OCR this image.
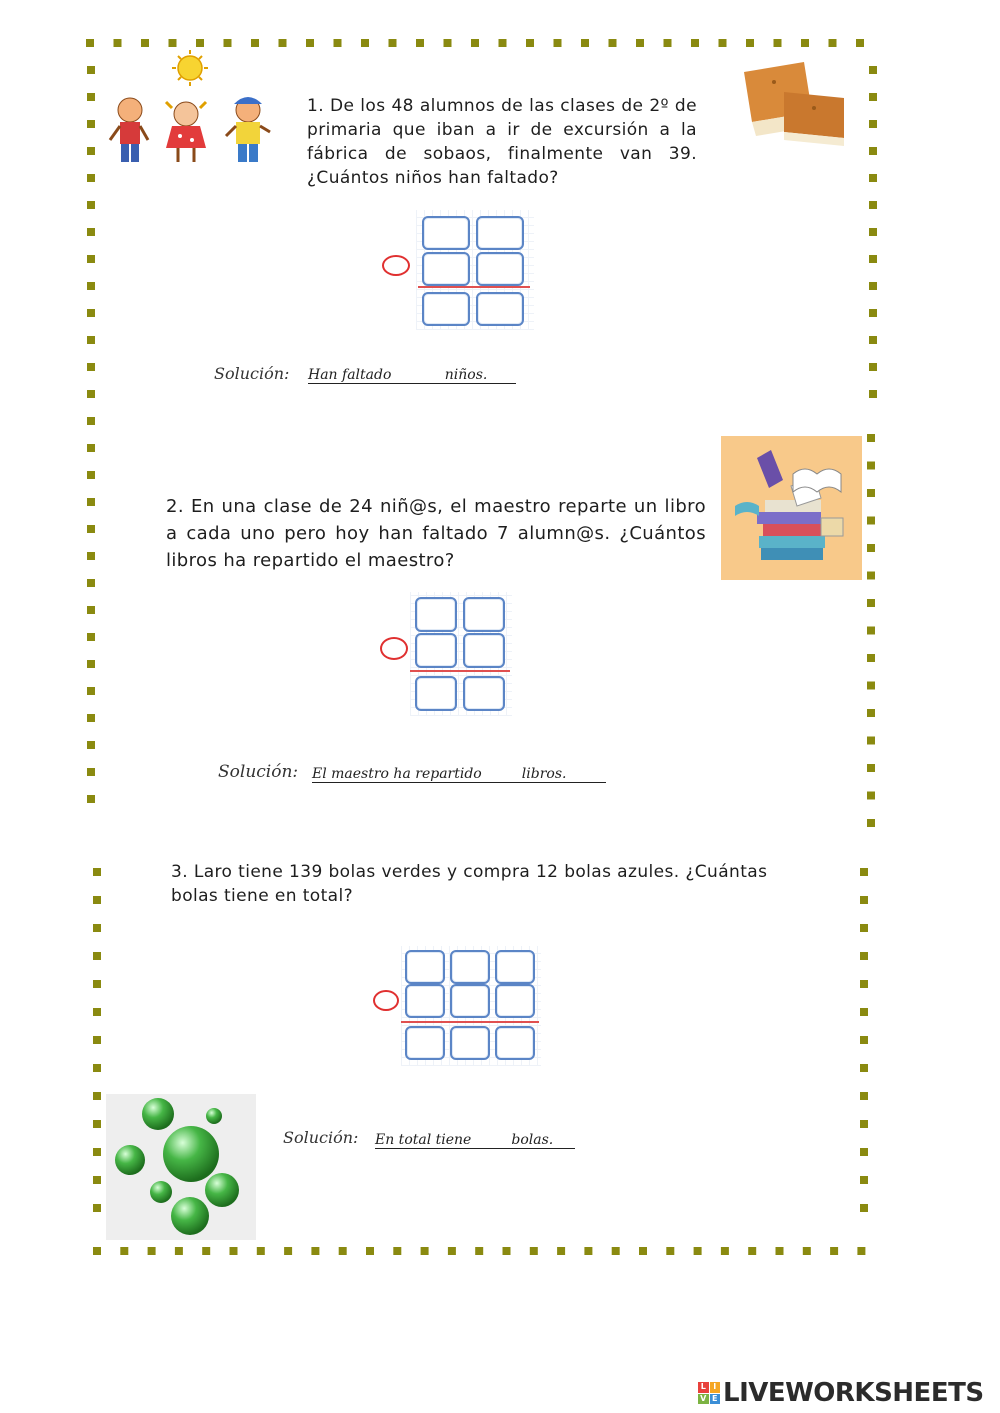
1. De los 48 alumnos de las clases de 2º de primaria que iban a ir de excursión a la fábrica de sobaos, finalmente van 39. ¿Cuántos niños han faltado?
Solución: Han faltado            niños.
2. En una clase de 24 niñ@s, el maestro reparte un libro a cada uno pero hoy han faltado 7 alumn@s. ¿Cuántos libros ha repartido el maestro?
Solución: El maestro ha repartido         libros.
3. Laro tiene 139 bolas verdes y compra 12 bolas azules. ¿Cuántas bolas tiene en total?
Solución: En total tiene         bolas.
L I
V E LIVEWORKSHEETS
